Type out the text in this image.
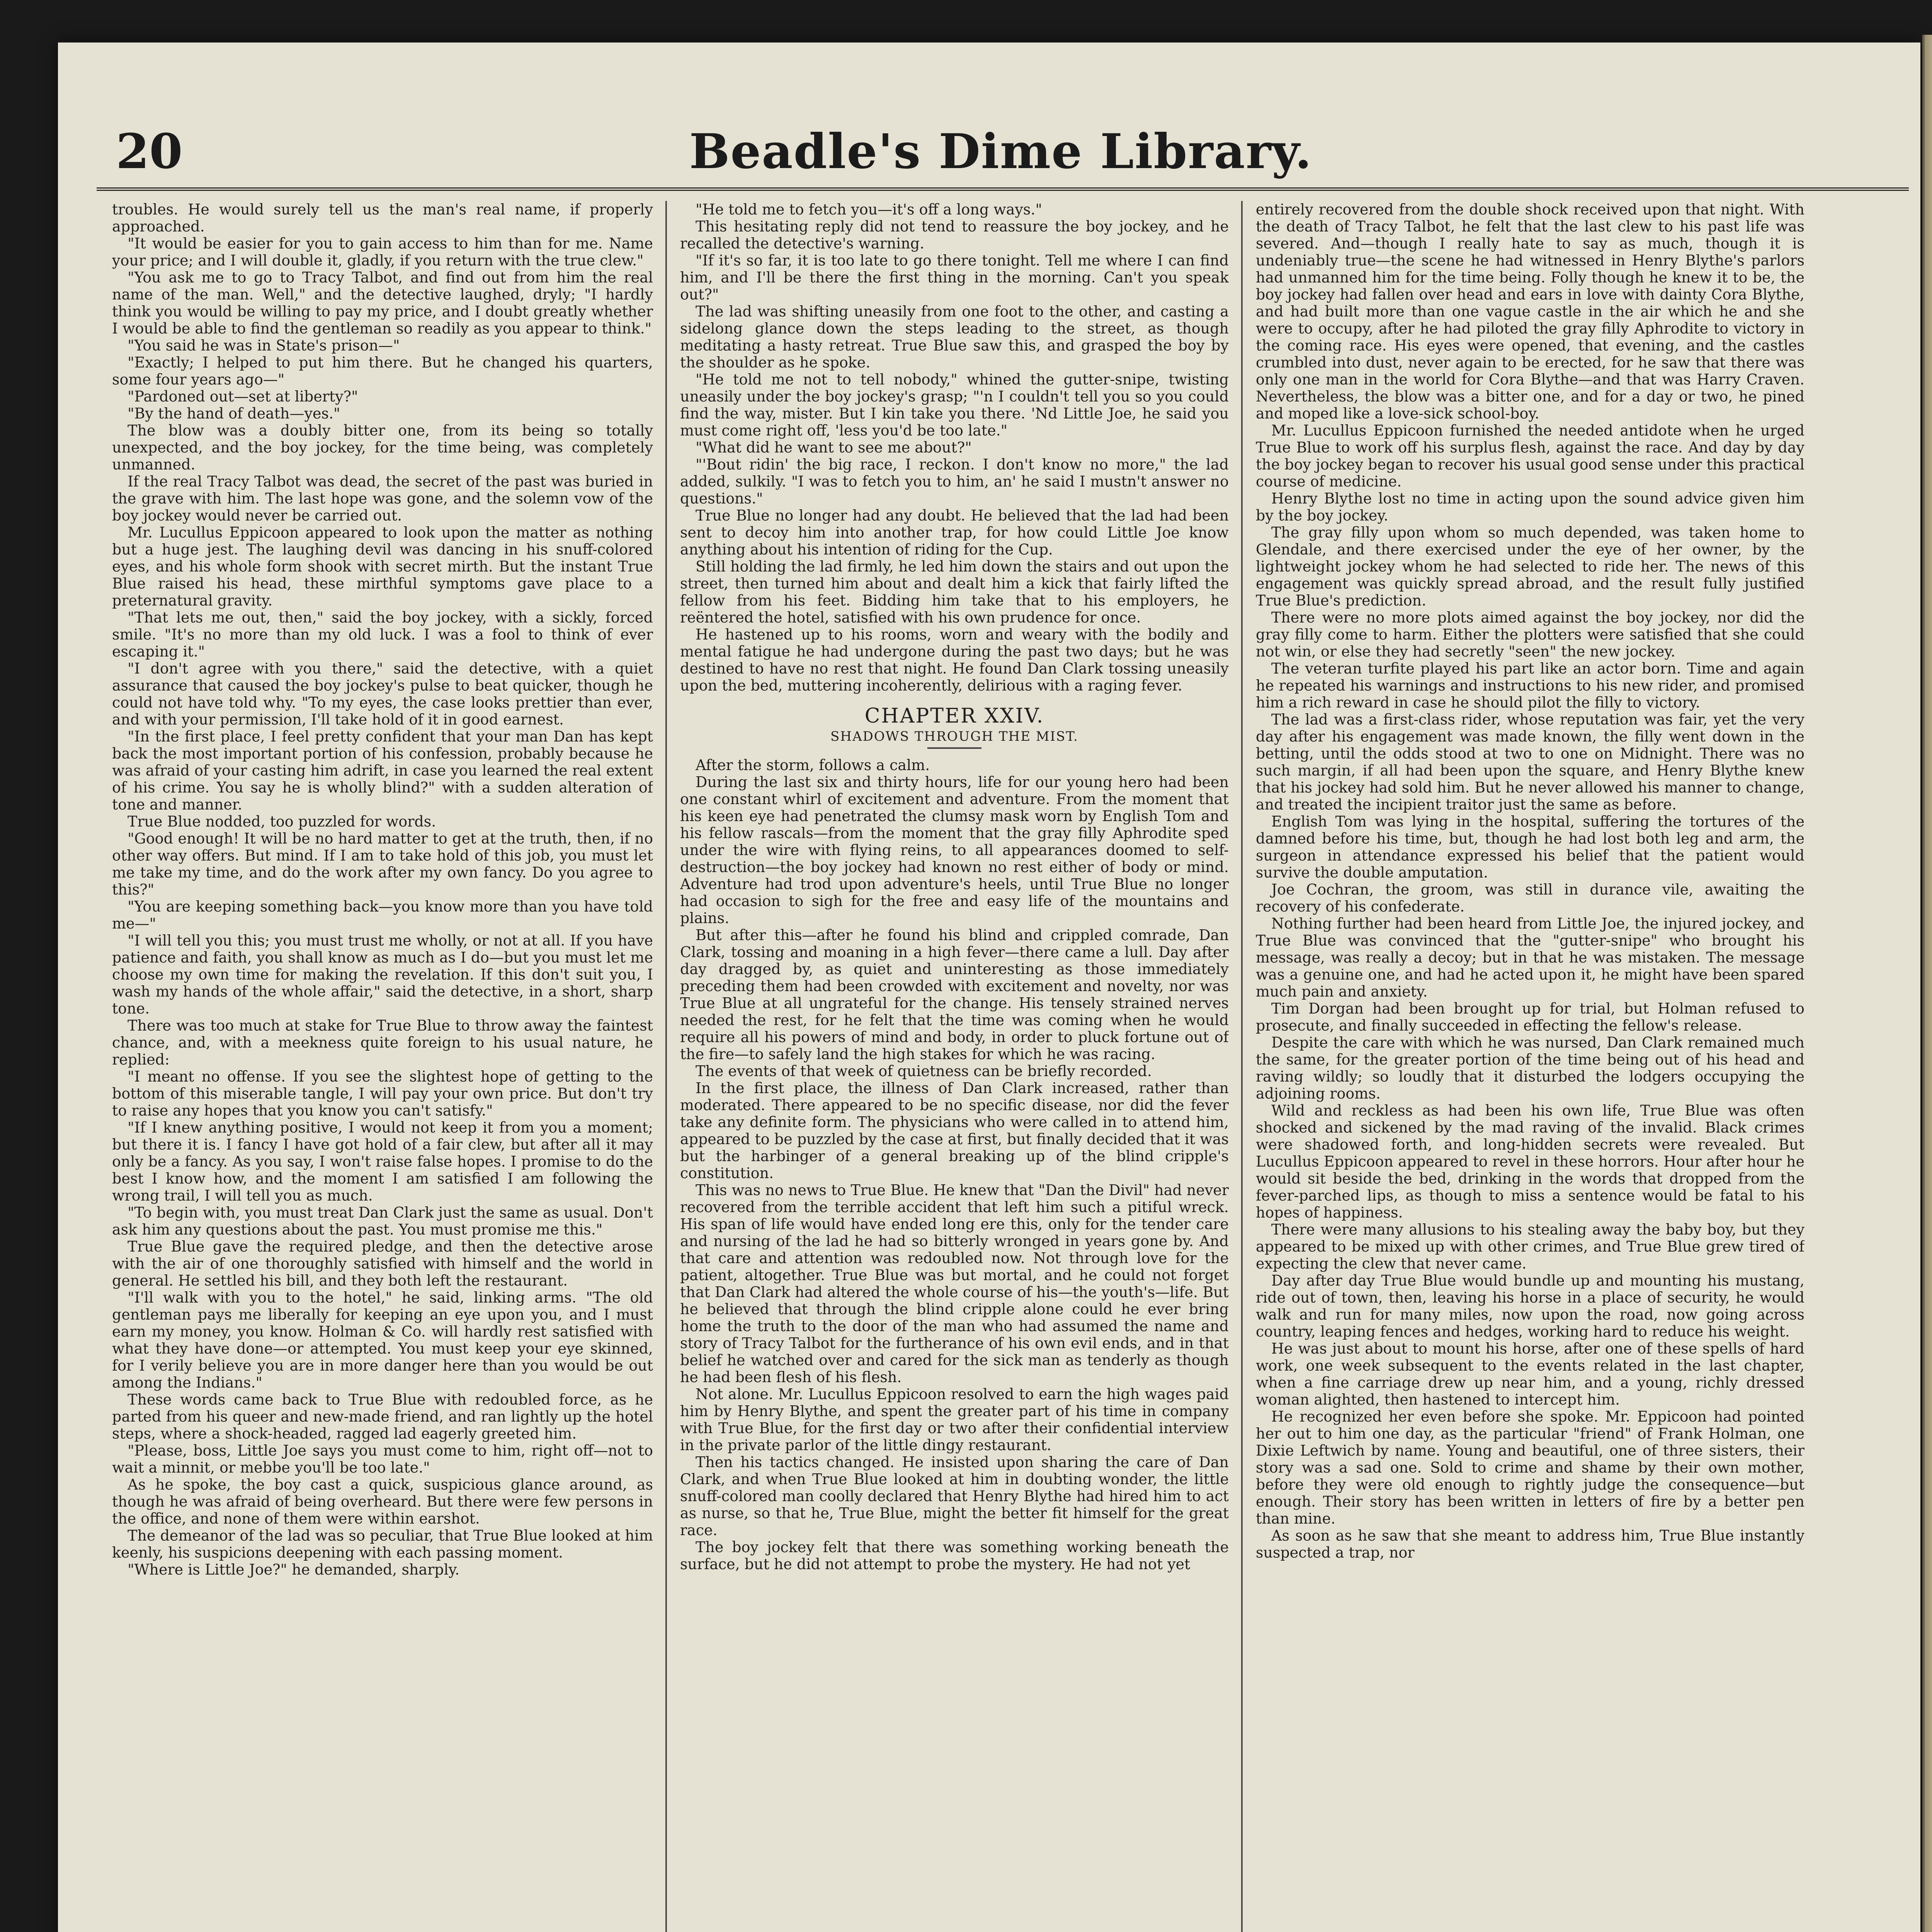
20	Beadle's Dime Library.

troubles. He would surely tell us the man's real name, if properly approached.

"It would be easier for you to gain access to him than for me. Name your price; and I will double it, gladly, if you return with the true clew."

"You ask me to go to Tracy Talbot, and find out from him the real name of the man. Well," and the detective laughed, dryly; "I hardly think you would be willing to pay my price, and I doubt greatly whether I would be able to find the gentleman so readily as you appear to think."

"You said he was in State's prison—"

"Exactly; I helped to put him there. But he changed his quarters, some four years ago—"

"Pardoned out—set at liberty?"

"By the hand of death—yes."

The blow was a doubly bitter one, from its being so totally unexpected, and the boy jockey, for the time being, was completely unmanned.

If the real Tracy Talbot was dead, the secret of the past was buried in the grave with him. The last hope was gone, and the solemn vow of the boy jockey would never be carried out.

Mr. Lucullus Eppicoon appeared to look upon the matter as nothing but a huge jest. The laughing devil was dancing in his snuff-colored eyes, and his whole form shook with secret mirth. But the instant True Blue raised his head, these mirthful symptoms gave place to a preternatural gravity.

"That lets me out, then," said the boy jockey, with a sickly, forced smile. "It's no more than my old luck. I was a fool to think of ever escaping it."

"I don't agree with you there," said the detective, with a quiet assurance that caused the boy jockey's pulse to beat quicker, though he could not have told why. "To my eyes, the case looks prettier than ever, and with your permission, I'll take hold of it in good earnest.

"In the first place, I feel pretty confident that your man Dan has kept back the most important portion of his confession, probably because he was afraid of your casting him adrift, in case you learned the real extent of his crime. You say he is wholly blind?" with a sudden alteration of tone and manner.

True Blue nodded, too puzzled for words.

"Good enough! It will be no hard matter to get at the truth, then, if no other way offers. But mind. If I am to take hold of this job, you must let me take my time, and do the work after my own fancy. Do you agree to this?"

"You are keeping something back—you know more than you have told me—"

"I will tell you this; you must trust me wholly, or not at all. If you have patience and faith, you shall know as much as I do—but you must let me choose my own time for making the revelation. If this don't suit you, I wash my hands of the whole affair," said the detective, in a short, sharp tone.

There was too much at stake for True Blue to throw away the faintest chance, and, with a meekness quite foreign to his usual nature, he replied:

"I meant no offense. If you see the slightest hope of getting to the bottom of this miserable tangle, I will pay your own price. But don't try to raise any hopes that you know you can't satisfy."

"If I knew anything positive, I would not keep it from you a moment; but there it is. I fancy I have got hold of a fair clew, but after all it may only be a fancy. As you say, I won't raise false hopes. I promise to do the best I know how, and the moment I am satisfied I am following the wrong trail, I will tell you as much.

"To begin with, you must treat Dan Clark just the same as usual. Don't ask him any questions about the past. You must promise me this."

True Blue gave the required pledge, and then the detective arose with the air of one thoroughly satisfied with himself and the world in general. He settled his bill, and they both left the restaurant.

"I'll walk with you to the hotel," he said, linking arms. "The old gentleman pays me liberally for keeping an eye upon you, and I must earn my money, you know. Holman & Co. will hardly rest satisfied with what they have done—or attempted. You must keep your eye skinned, for I verily believe you are in more danger here than you would be out among the Indians."

These words came back to True Blue with redoubled force, as he parted from his queer and new-made friend, and ran lightly up the hotel steps, where a shock-headed, ragged lad eagerly greeted him.

"Please, boss, Little Joe says you must come to him, right off—not to wait a minnit, or mebbe you'll be too late."

As he spoke, the boy cast a quick, suspicious glance around, as though he was afraid of being overheard. But there were few persons in the office, and none of them were within earshot.

The demeanor of the lad was so peculiar, that True Blue looked at him keenly, his suspicions deepening with each passing moment.

"Where is Little Joe?" he demanded, sharply.

"He told me to fetch you—it's off a long ways."

This hesitating reply did not tend to reassure the boy jockey, and he recalled the detective's warning.

"If it's so far, it is too late to go there tonight. Tell me where I can find him, and I'll be there the first thing in the morning. Can't you speak out?"

The lad was shifting uneasily from one foot to the other, and casting a sidelong glance down the steps leading to the street, as though meditating a hasty retreat. True Blue saw this, and grasped the boy by the shoulder as he spoke.

"He told me not to tell nobody," whined the gutter-snipe, twisting uneasily under the boy jockey's grasp; "'n I couldn't tell you so you could find the way, mister. But I kin take you there. 'Nd Little Joe, he said you must come right off, 'less you'd be too late."

"What did he want to see me about?"

"'Bout ridin' the big race, I reckon. I don't know no more," the lad added, sulkily. "I was to fetch you to him, an' he said I mustn't answer no questions."

True Blue no longer had any doubt. He believed that the lad had been sent to decoy him into another trap, for how could Little Joe know anything about his intention of riding for the Cup.

Still holding the lad firmly, he led him down the stairs and out upon the street, then turned him about and dealt him a kick that fairly lifted the fellow from his feet. Bidding him take that to his employers, he reëntered the hotel, satisfied with his own prudence for once.

He hastened up to his rooms, worn and weary with the bodily and mental fatigue he had undergone during the past two days; but he was destined to have no rest that night. He found Dan Clark tossing uneasily upon the bed, muttering incoherently, delirious with a raging fever.

CHAPTER XXIV.

SHADOWS THROUGH THE MIST.

After the storm, follows a calm.

During the last six and thirty hours, life for our young hero had been one constant whirl of excitement and adventure. From the moment that his keen eye had penetrated the clumsy mask worn by English Tom and his fellow rascals—from the moment that the gray filly Aphrodite sped under the wire with flying reins, to all appearances doomed to self-destruction—the boy jockey had known no rest either of body or mind. Adventure had trod upon adventure's heels, until True Blue no longer had occasion to sigh for the free and easy life of the mountains and plains.

But after this—after he found his blind and crippled comrade, Dan Clark, tossing and moaning in a high fever—there came a lull. Day after day dragged by, as quiet and uninteresting as those immediately preceding them had been crowded with excitement and novelty, nor was True Blue at all ungrateful for the change. His tensely strained nerves needed the rest, for he felt that the time was coming when he would require all his powers of mind and body, in order to pluck fortune out of the fire—to safely land the high stakes for which he was racing.

The events of that week of quietness can be briefly recorded.

In the first place, the illness of Dan Clark increased, rather than moderated. There appeared to be no specific disease, nor did the fever take any definite form. The physicians who were called in to attend him, appeared to be puzzled by the case at first, but finally decided that it was but the harbinger of a general breaking up of the blind cripple's constitution.

This was no news to True Blue. He knew that "Dan the Divil" had never recovered from the terrible accident that left him such a pitiful wreck. His span of life would have ended long ere this, only for the tender care and nursing of the lad he had so bitterly wronged in years gone by. And that care and attention was redoubled now. Not through love for the patient, altogether. True Blue was but mortal, and he could not forget that Dan Clark had altered the whole course of his—the youth's—life. But he believed that through the blind cripple alone could he ever bring home the truth to the door of the man who had assumed the name and story of Tracy Talbot for the furtherance of his own evil ends, and in that belief he watched over and cared for the sick man as tenderly as though he had been flesh of his flesh.

Not alone. Mr. Lucullus Eppicoon resolved to earn the high wages paid him by Henry Blythe, and spent the greater part of his time in company with True Blue, for the first day or two after their confidential interview in the private parlor of the little dingy restaurant.

Then his tactics changed. He insisted upon sharing the care of Dan Clark, and when True Blue looked at him in doubting wonder, the little snuff-colored man coolly declared that Henry Blythe had hired him to act as nurse, so that he, True Blue, might the better fit himself for the great race.

The boy jockey felt that there was something working beneath the surface, but he did not attempt to probe the mystery. He had not yet

entirely recovered from the double shock received upon that night. With the death of Tracy Talbot, he felt that the last clew to his past life was severed. And—though I really hate to say as much, though it is undeniably true—the scene he had witnessed in Henry Blythe's parlors had unmanned him for the time being. Folly though he knew it to be, the boy jockey had fallen over head and ears in love with dainty Cora Blythe, and had built more than one vague castle in the air which he and she were to occupy, after he had piloted the gray filly Aphrodite to victory in the coming race. His eyes were opened, that evening, and the castles crumbled into dust, never again to be erected, for he saw that there was only one man in the world for Cora Blythe—and that was Harry Craven. Nevertheless, the blow was a bitter one, and for a day or two, he pined and moped like a love-sick school-boy.

Mr. Lucullus Eppicoon furnished the needed antidote when he urged True Blue to work off his surplus flesh, against the race. And day by day the boy jockey began to recover his usual good sense under this practical course of medicine.

Henry Blythe lost no time in acting upon the sound advice given him by the boy jockey.

The gray filly upon whom so much depended, was taken home to Glendale, and there exercised under the eye of her owner, by the lightweight jockey whom he had selected to ride her. The news of this engagement was quickly spread abroad, and the result fully justified True Blue's prediction.

There were no more plots aimed against the boy jockey, nor did the gray filly come to harm. Either the plotters were satisfied that she could not win, or else they had secretly "seen" the new jockey.

The veteran turfite played his part like an actor born. Time and again he repeated his warnings and instructions to his new rider, and promised him a rich reward in case he should pilot the filly to victory.

The lad was a first-class rider, whose reputation was fair, yet the very day after his engagement was made known, the filly went down in the betting, until the odds stood at two to one on Midnight. There was no such margin, if all had been upon the square, and Henry Blythe knew that his jockey had sold him. But he never allowed his manner to change, and treated the incipient traitor just the same as before.

English Tom was lying in the hospital, suffering the tortures of the damned before his time, but, though he had lost both leg and arm, the surgeon in attendance expressed his belief that the patient would survive the double amputation.

Joe Cochran, the groom, was still in durance vile, awaiting the recovery of his confederate.

Nothing further had been heard from Little Joe, the injured jockey, and True Blue was convinced that the "gutter-snipe" who brought his message, was really a decoy; but in that he was mistaken. The message was a genuine one, and had he acted upon it, he might have been spared much pain and anxiety.

Tim Dorgan had been brought up for trial, but Holman refused to prosecute, and finally succeeded in effecting the fellow's release.

Despite the care with which he was nursed, Dan Clark remained much the same, for the greater portion of the time being out of his head and raving wildly; so loudly that it disturbed the lodgers occupying the adjoining rooms.

Wild and reckless as had been his own life, True Blue was often shocked and sickened by the mad raving of the invalid. Black crimes were shadowed forth, and long-hidden secrets were revealed. But Lucullus Eppicoon appeared to revel in these horrors. Hour after hour he would sit beside the bed, drinking in the words that dropped from the fever-parched lips, as though to miss a sentence would be fatal to his hopes of happiness.

There were many allusions to his stealing away the baby boy, but they appeared to be mixed up with other crimes, and True Blue grew tired of expecting the clew that never came.

Day after day True Blue would bundle up and mounting his mustang, ride out of town, then, leaving his horse in a place of security, he would walk and run for many miles, now upon the road, now going across country, leaping fences and hedges, working hard to reduce his weight.

He was just about to mount his horse, after one of these spells of hard work, one week subsequent to the events related in the last chapter, when a fine carriage drew up near him, and a young, richly dressed woman alighted, then hastened to intercept him.

He recognized her even before she spoke. Mr. Eppicoon had pointed her out to him one day, as the particular "friend" of Frank Holman, one Dixie Leftwich by name. Young and beautiful, one of three sisters, their story was a sad one. Sold to crime and shame by their own mother, before they were old enough to rightly judge the consequence—but enough. Their story has been written in letters of fire by a better pen than mine.

As soon as he saw that she meant to address him, True Blue instantly suspected a trap, nor
